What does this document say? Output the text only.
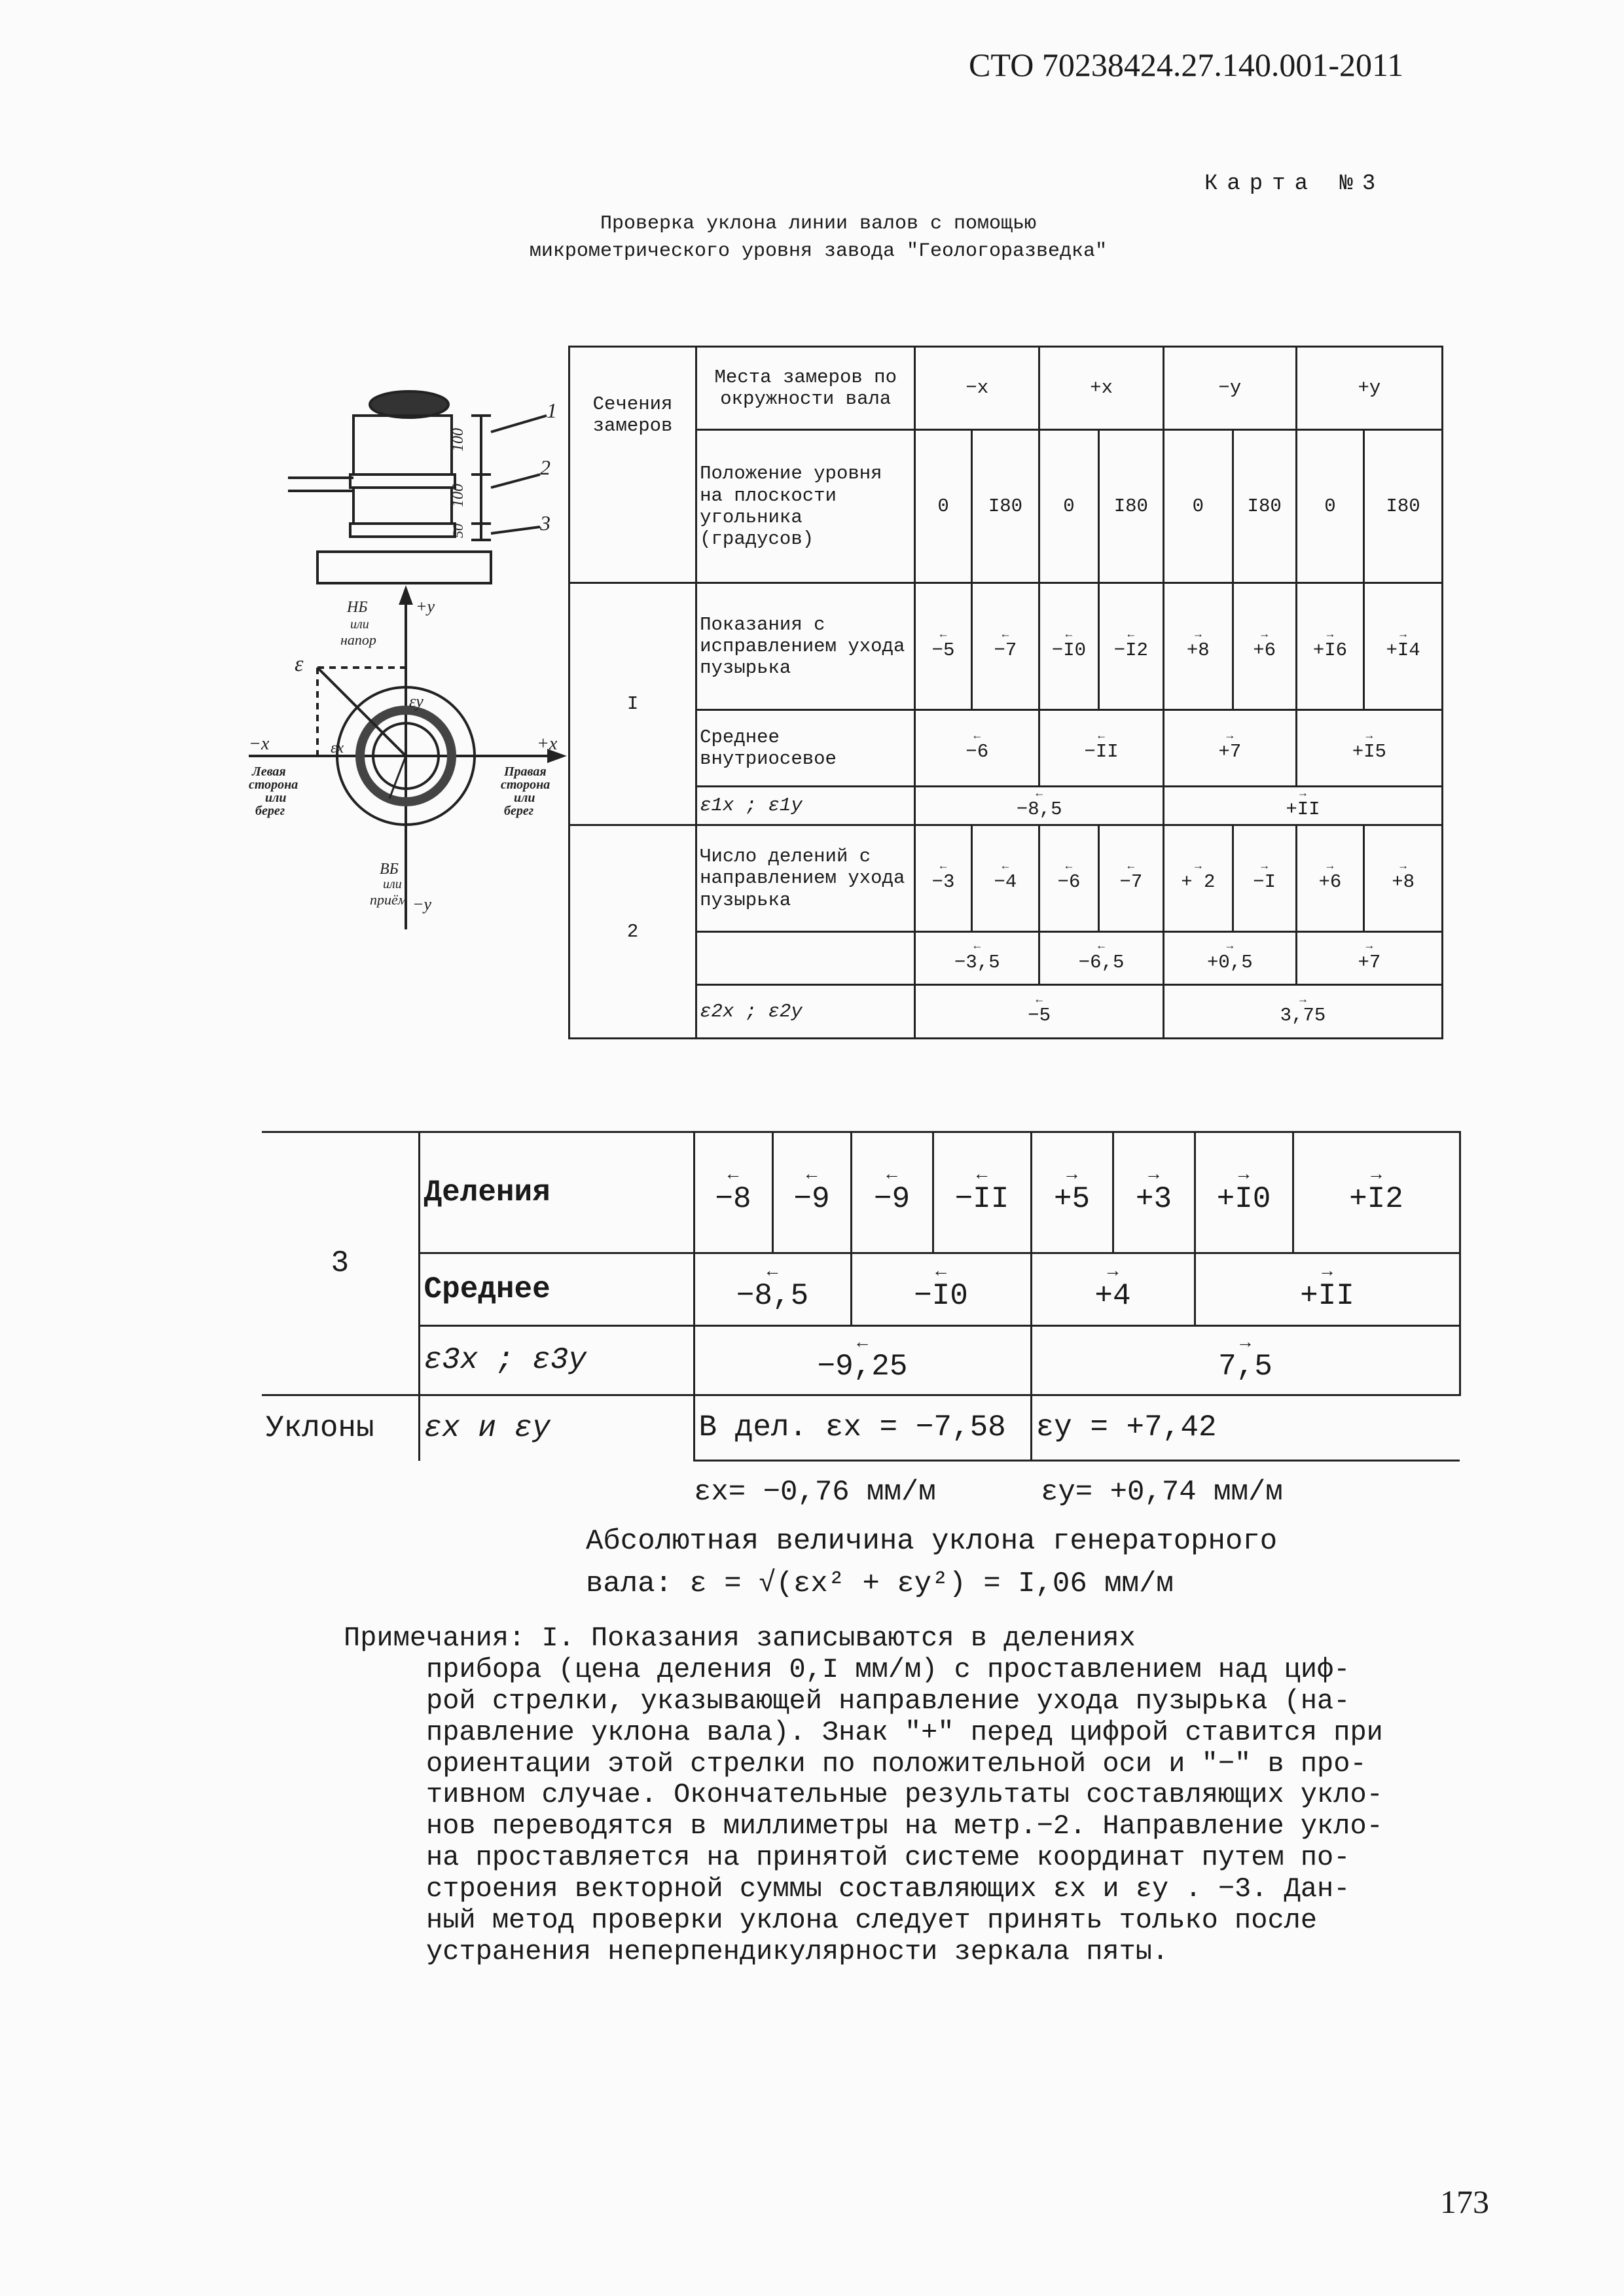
СТО 70238424.27.140.001-2011
Карта №3
Проверка уклона линии валов с помощью
микрометрического уровня завода "Геологоразведка"
1
2
3
100
100
50
НБ
или
напор
+у
ε
εy
εx
−х	+х
Левая
сторона
или
берег
Правая
сторона
или
берег
ВБ
или
приём −у
Сечения замеров	Места замеров по окружности вала	−х		+х		−у		+у	
	Положение уровня на плоскости угольника (градусов)	0	I80	0	I80	0	I80	0	I80
I	Показания с исправлением ухода пузырька	← −5	← −7	← −I0	← −I2	→ +8	→ +6	→ +I6	→ +I4
	Среднее внутриосевое	← −6		← −II		→ +7		→ +I5
	ε1x ; ε1y	← −8,5				→ +II
2	Число делений с направлением ухода пузырька	← −3	← −4	← −6	← −7	→ + 2	→ −I	→ +6	→ +8
		← −3,5		← −6,5		→ +0,5		→ +7
	ε2x ; ε2y	← −5				→ 3,75
3	Деления	← −8	← −9	← −9	← −II	→ +5	→ +3	→ +I0	→ +I2
	Среднее	← −8,5		← −I0		→ +4		→ +II
	ε3x ; ε3y	← −9,25				→ 7,5
Уклоны	εx и εy	В дел. εx = −7,58				εy = +7,42			
εx= −0,76 мм/м	εy= +0,74 мм/м
Абсолютная величина уклона генераторного
вала: ε = √(εx² + εy²) = I,06 мм/м
Примечания: I. Показания записываются в делениях
прибора (цена деления 0,I мм/м) с проставлением над циф-
рой стрелки, указывающей направление ухода пузырька (на-
правление уклона вала). Знак "+" перед цифрой ставится при
ориентации этой стрелки по положительной оси и "−" в про-
тивном случае. Окончательные результаты составляющих укло-
нов переводятся в миллиметры на метр.−2. Направление укло-
на проставляется на принятой системе координат путем по-
строения векторной суммы составляющих εx и εy . −3. Дан-
ный метод проверки уклона следует принять только после
устранения неперпендикулярности зеркала пяты.
173
